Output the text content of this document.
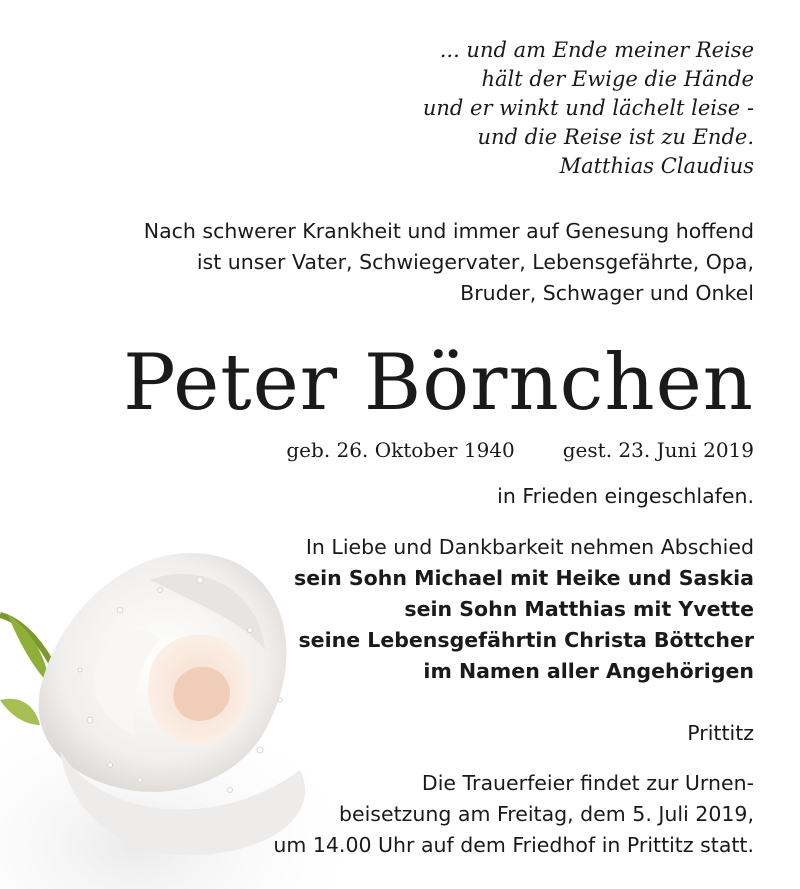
... und am Ende meiner Reise
hält der Ewige die Hände
und er winkt und lächelt leise -
und die Reise ist zu Ende.
Matthias Claudius
Nach schwerer Krankheit und immer auf Genesung hoffend
ist unser Vater, Schwiegervater, Lebensgefährte, Opa,
Bruder, Schwager und Onkel
Peter Börnchen
geb. 26. Oktober 1940 gest. 23. Juni 2019
in Frieden eingeschlafen.
In Liebe und Dankbarkeit nehmen Abschied
sein Sohn Michael mit Heike und Saskia
sein Sohn Matthias mit Yvette
seine Lebensgefährtin Christa Böttcher
im Namen aller Angehörigen
Prittitz
Die Trauerfeier findet zur Urnen-
beisetzung am Freitag, dem 5. Juli 2019,
um 14.00 Uhr auf dem Friedhof in Prittitz statt.
